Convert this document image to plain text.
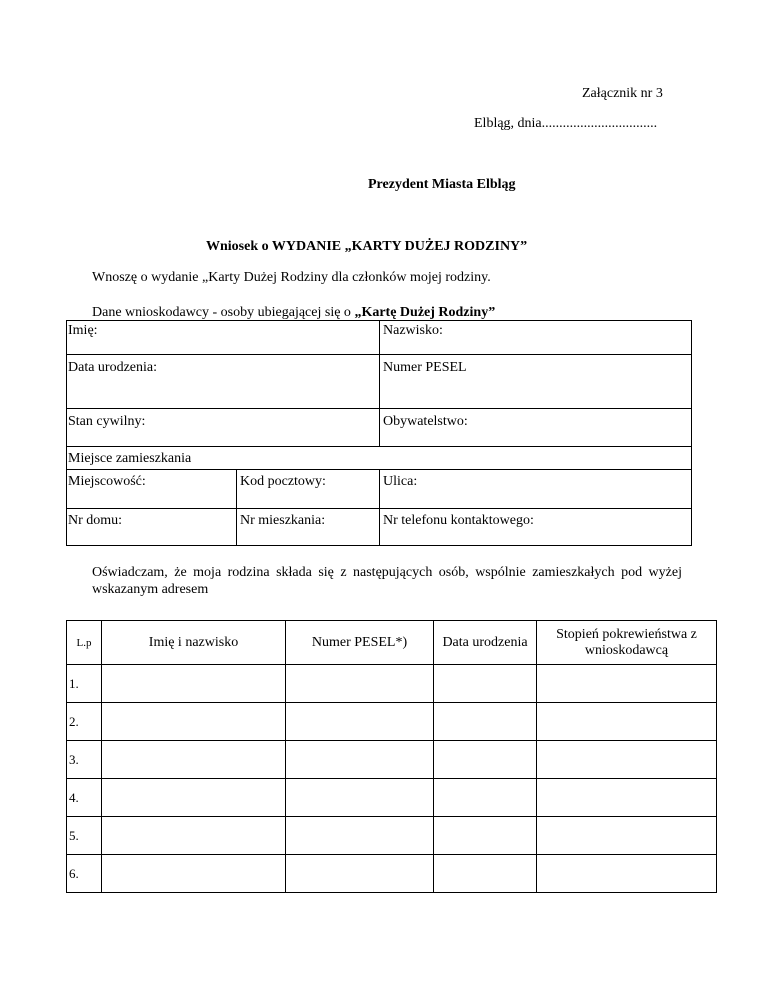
Załącznik nr 3
Elbląg, dnia.................................
Prezydent Miasta Elbląg
Wniosek o WYDANIE „KARTY DUŻEJ RODZINY”
Wnoszę o wydanie „Karty Dużej Rodziny dla członków mojej rodziny.
Dane wnioskodawcy - osoby ubiegającej się o „Kartę Dużej Rodziny”
Imię:	Nazwisko:
Data urodzenia:	Numer PESEL
Stan cywilny:	Obywatelstwo:
Miejsce zamieszkania
Miejscowość:	Kod pocztowy:	Ulica:
Nr domu:	Nr mieszkania:	Nr telefonu kontaktowego:
Oświadczam, że moja rodzina składa się z następujących osób, wspólnie zamieszkałych pod wyżej wskazanym adresem
L.p	Imię i nazwisko	Numer PESEL*)	Data urodzenia	Stopień pokrewieństwa z wnioskodawcą
1.				
2.				
3.				
4.				
5.				
6.				
